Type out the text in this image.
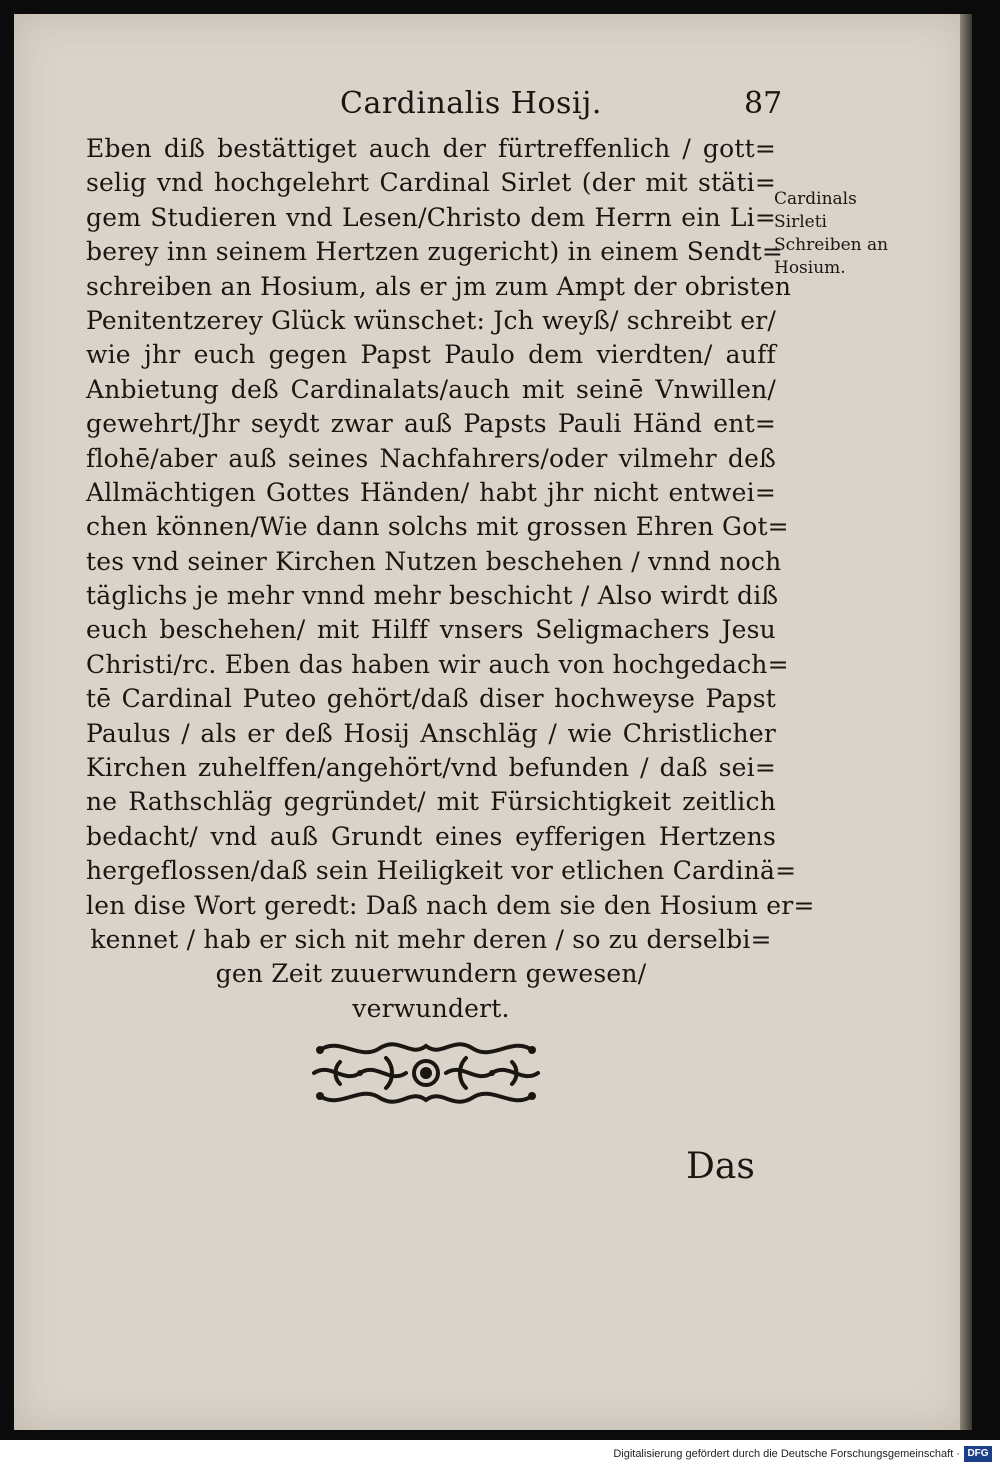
Cardinalis Hosij.	87
Eben diß bestättiget auch der fürtreffenlich / gott=
selig vnd hochgelehrt Cardinal Sirlet (der mit stäti=
gem Studieren vnd Lesen/Christo dem Herrn ein Li=
berey inn seinem Hertzen zugericht) in einem Sendt=
schreiben an Hosium, als er jm zum Ampt der obristen
Penitentzerey Glück wünschet: Jch weyß/ schreibt er/
wie jhr euch gegen Papst Paulo dem vierdten/ auff
Anbietung deß Cardinalats/auch mit seinē Vnwillen/
gewehrt/Jhr seydt zwar auß Papsts Pauli Händ ent=
flohē/aber auß seines Nachfahrers/oder vilmehr deß
Allmächtigen Gottes Händen/ habt jhr nicht entwei=
chen können/Wie dann solchs mit grossen Ehren Got=
tes vnd seiner Kirchen Nutzen beschehen / vnnd noch
täglichs je mehr vnnd mehr beschicht / Also wirdt diß
euch beschehen/ mit Hilff vnsers Seligmachers Jesu
Christi/rc. Eben das haben wir auch von hochgedach=
tē Cardinal Puteo gehört/daß diser hochweyse Papst
Paulus / als er deß Hosij Anschläg / wie Christlicher
Kirchen zuhelffen/angehört/vnd befunden / daß sei=
ne Rathschläg gegründet/ mit Fürsichtigkeit zeitlich
bedacht/ vnd auß Grundt eines eyfferigen Hertzens
hergeflossen/daß sein Heiligkeit vor etlichen Cardinä=
len dise Wort geredt: Daß nach dem sie den Hosium er=
kennet / hab er sich nit mehr deren / so zu derselbi=
gen Zeit zuuerwundern gewesen/
verwundert.
Cardinals
Sirleti
Schreiben an
Hosium.
Das
Digitalisierung gefördert durch die Deutsche Forschungsgemeinschaft · DFG
